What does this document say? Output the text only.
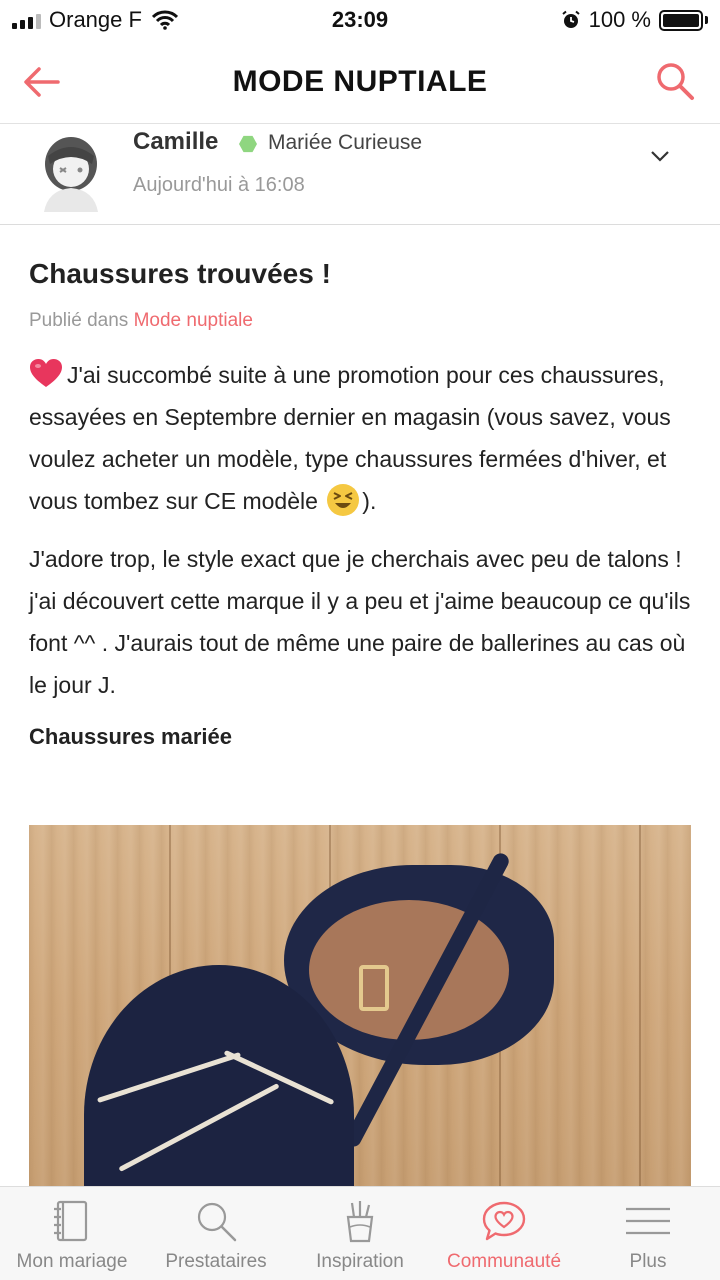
Orange F	23:09	100 %
MODE NUPTIALE
Camille Mariée Curieuse
Aujourd'hui à 16:08
Chaussures trouvées !
Publié dans Mode nuptiale

J'ai succombé suite à une promotion pour ces chaussures, essayées en Septembre dernier en magasin (vous savez, vous voulez acheter un modèle, type chaussures fermées d'hiver, et vous tombez sur CE modèle ).

J'adore trop, le style exact que je cherchais avec peu de talons ! j'ai découvert cette marque il y a peu et j'aime beaucoup ce qu'ils font ^^ . J'aurais tout de même une paire de ballerines au cas où le jour J.

Chaussures mariée
Mon mariage Prestataires	Inspiration Communauté	Plus
